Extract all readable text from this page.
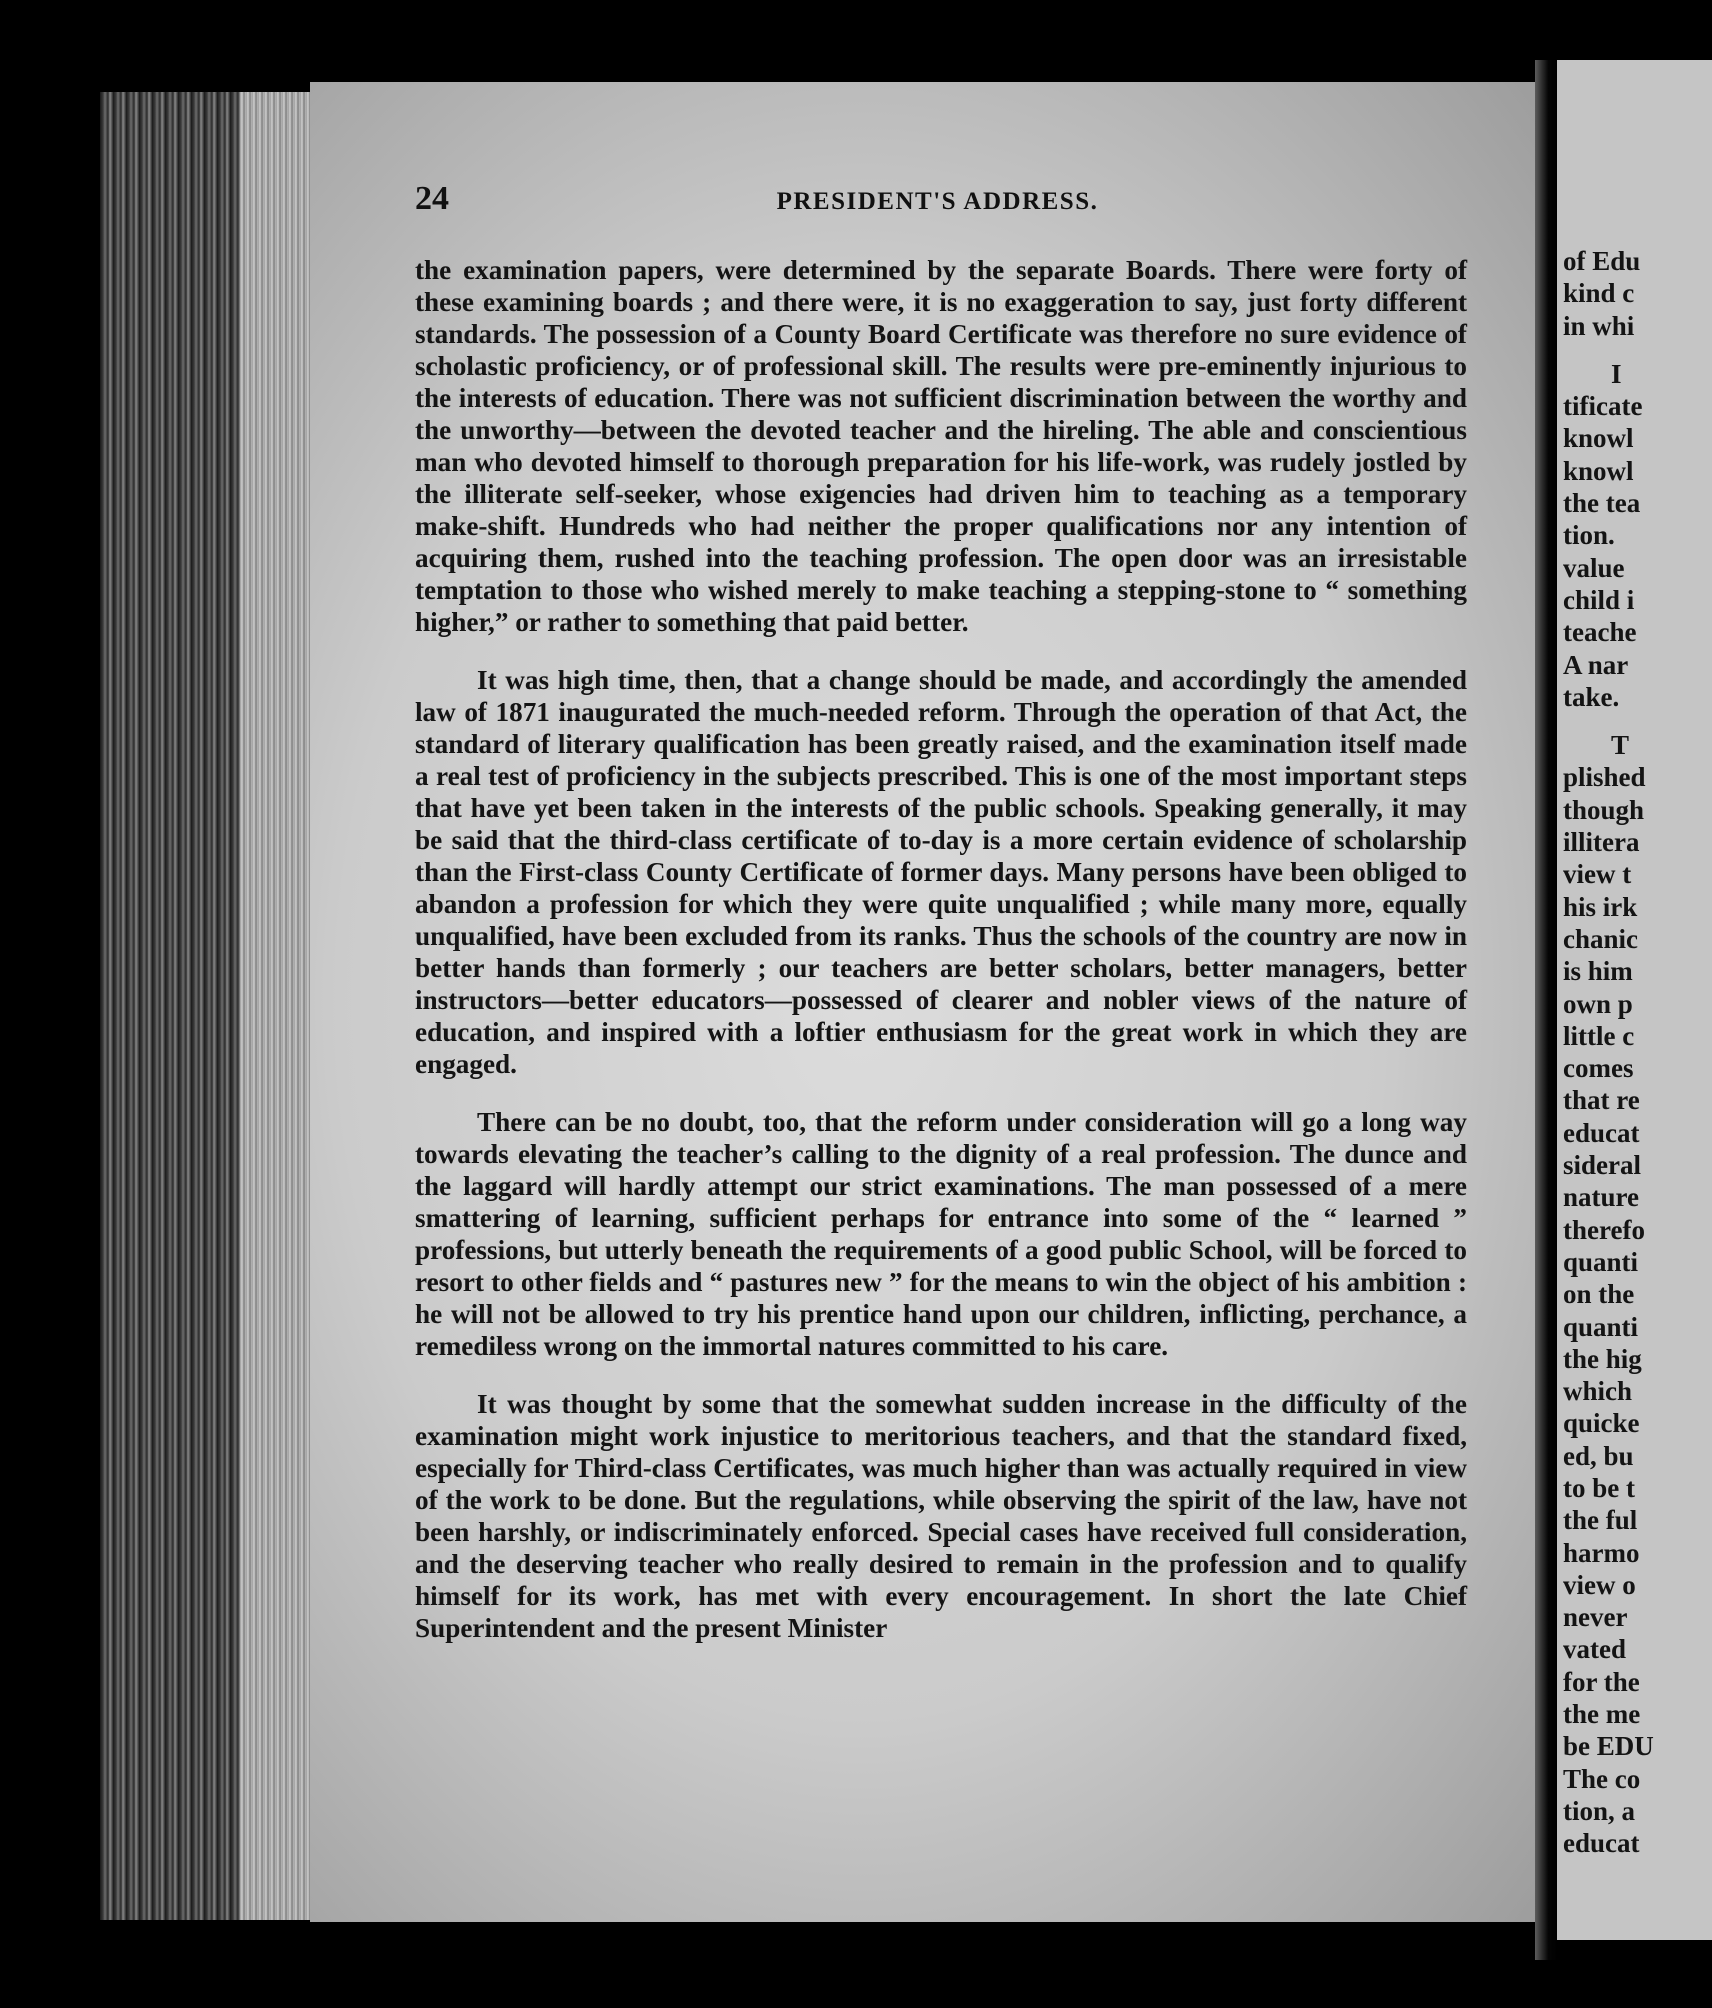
of Edu
kind c
in whi
I
tificate
knowl
knowl
the tea
tion.
value
child i
teache
A nar
take.
T
plished
though
illitera
view t
his irk
chanic
is him
own p
little c
comes
that re
educat
sideral
nature
therefo
quanti
on the
quanti
the hig
which
quicke
ed, bu
to be t
the ful
harmo
view o
never
vated
for the
the me
be EDU
The co
tion, a
educat
24	PRESIDENT'S ADDRESS.

the examination papers, were determined by the separate Boards. There were forty of these examining boards ; and there were, it is no exaggeration to say, just forty different standards. The possession of a County Board Certificate was therefore no sure evidence of scholastic proficiency, or of professional skill. The results were pre-eminently injurious to the interests of education. There was not sufficient discrimination between the worthy and the unworthy—between the devoted teacher and the hireling. The able and conscientious man who devoted himself to thorough preparation for his life-work, was rudely jostled by the illiterate self-seeker, whose exigencies had driven him to teaching as a temporary make-shift. Hundreds who had neither the proper qualifications nor any intention of acquiring them, rushed into the teaching profession. The open door was an irresistable temptation to those who wished merely to make teaching a stepping-stone to “ something higher,” or rather to something that paid better.

It was high time, then, that a change should be made, and accordingly the amended law of 1871 inaugurated the much-needed reform. Through the operation of that Act, the standard of literary qualification has been greatly raised, and the examination itself made a real test of proficiency in the subjects prescribed. This is one of the most important steps that have yet been taken in the interests of the public schools. Speaking generally, it may be said that the third-class certificate of to-day is a more certain evidence of scholarship than the First-class County Certificate of former days. Many persons have been obliged to abandon a profession for which they were quite unqualified ; while many more, equally unqualified, have been excluded from its ranks. Thus the schools of the country are now in better hands than formerly ; our teachers are better scholars, better managers, better instructors—better educators—possessed of clearer and nobler views of the nature of education, and inspired with a loftier enthusiasm for the great work in which they are engaged.

There can be no doubt, too, that the reform under consideration will go a long way towards elevating the teacher’s calling to the dignity of a real profession. The dunce and the laggard will hardly attempt our strict examinations. The man possessed of a mere smattering of learning, sufficient perhaps for entrance into some of the “ learned ” professions, but utterly beneath the requirements of a good public School, will be forced to resort to other fields and “ pastures new ” for the means to win the object of his ambition : he will not be allowed to try his prentice hand upon our children, inflicting, perchance, a remediless wrong on the immortal natures committed to his care.

It was thought by some that the somewhat sudden increase in the difficulty of the examination might work injustice to meritorious teachers, and that the standard fixed, especially for Third-class Certificates, was much higher than was actually required in view of the work to be done. But the regulations, while observing the spirit of the law, have not been harshly, or indiscriminately enforced. Special cases have received full consideration, and the deserving teacher who really desired to remain in the profession and to qualify himself for its work, has met with every encouragement. In short the late Chief Superintendent and the present Minister
